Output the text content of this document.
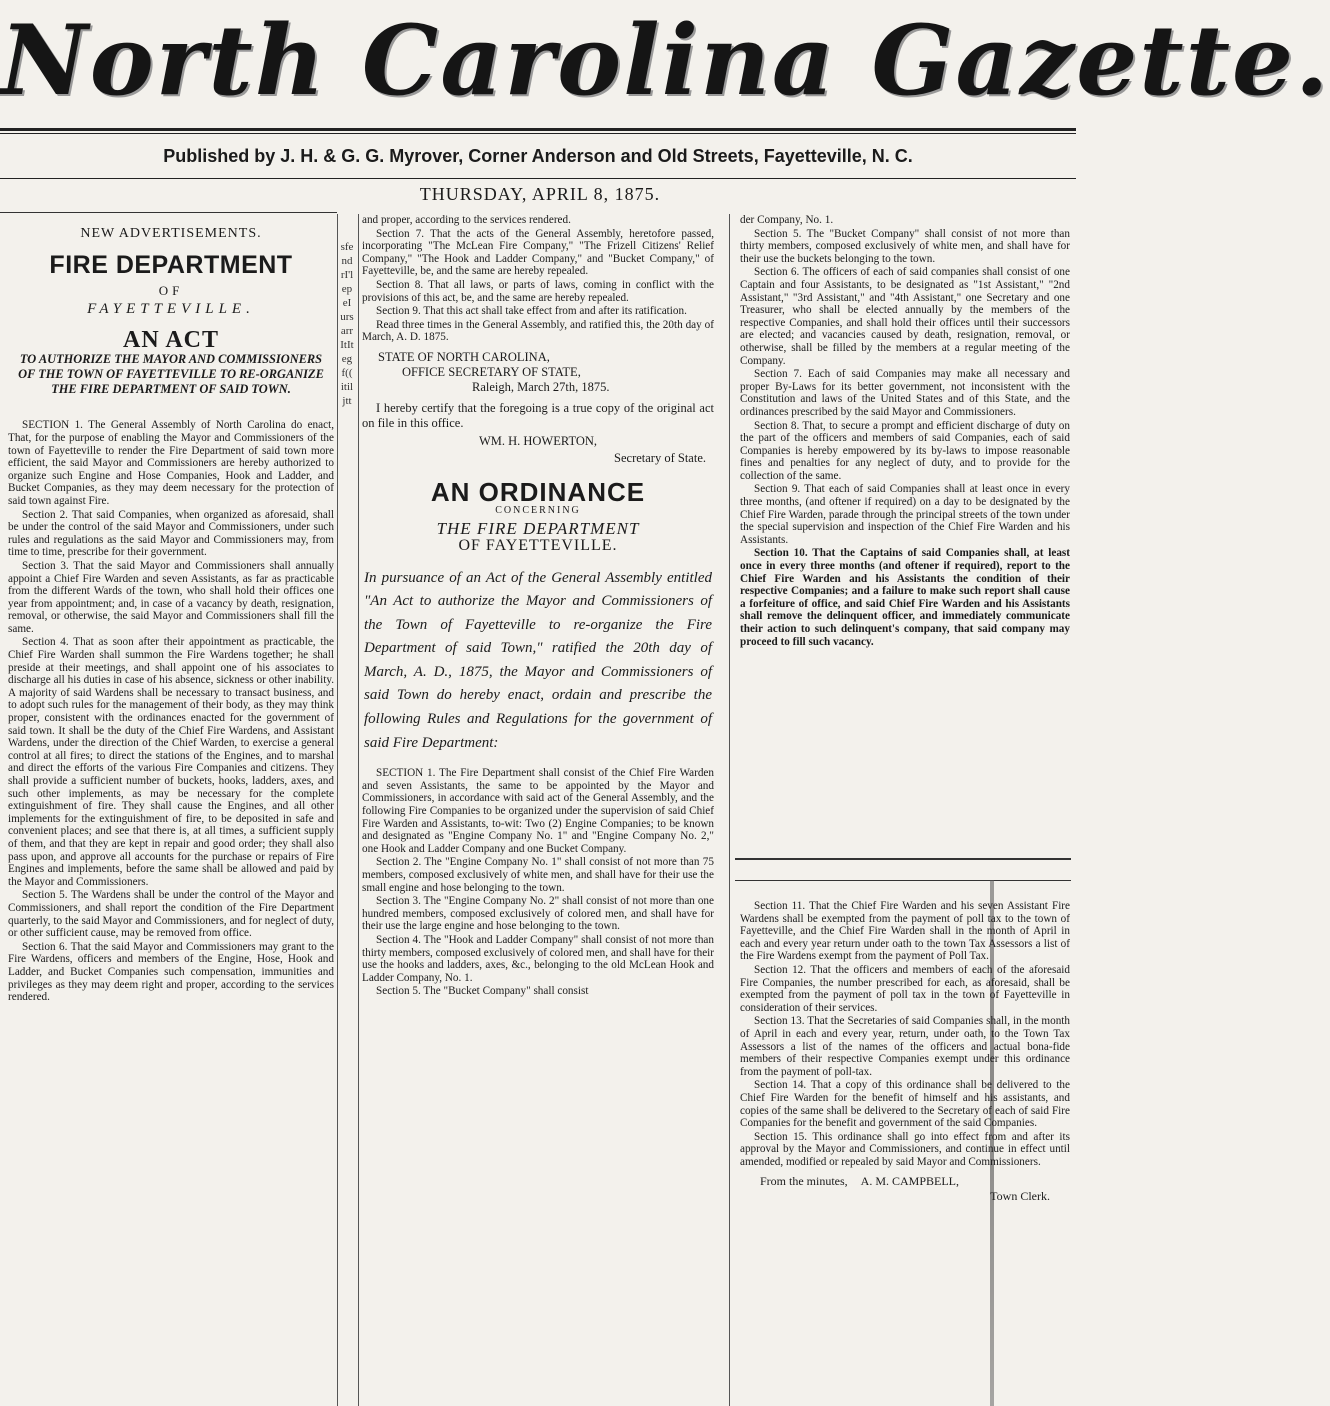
North Carolina Gazette.
Published by J. H. & G. G. Myrover, Corner Anderson and Old Streets, Fayetteville, N. C.
THURSDAY, APRIL 8, 1875.
sfendrI'l epeI ursarr ItIteg f(( itiljtt
NEW ADVERTISEMENTS.
FIRE DEPARTMENT
OF
FAYETTEVILLE.
AN ACT
TO AUTHORIZE THE MAYOR AND COMMISSIONERS OF THE TOWN OF FAYETTEVILLE TO RE-ORGANIZE THE FIRE DEPARTMENT OF SAID TOWN.

SECTION 1. The General Assembly of North Carolina do enact, That, for the purpose of enabling the Mayor and Commissioners of the town of Fayetteville to render the Fire Department of said town more efficient, the said Mayor and Commissioners are hereby authorized to organize such Engine and Hose Companies, Hook and Ladder, and Bucket Companies, as they may deem necessary for the protection of said town against Fire.

Section 2. That said Companies, when organized as aforesaid, shall be under the control of the said Mayor and Commissioners, under such rules and regulations as the said Mayor and Commissioners may, from time to time, prescribe for their government.

Section 3. That the said Mayor and Commissioners shall annually appoint a Chief Fire Warden and seven Assistants, as far as practicable from the different Wards of the town, who shall hold their offices one year from appointment; and, in case of a vacancy by death, resignation, removal, or otherwise, the said Mayor and Commissioners shall fill the same.

Section 4. That as soon after their appointment as practicable, the Chief Fire Warden shall summon the Fire Wardens together; he shall preside at their meetings, and shall appoint one of his associates to discharge all his duties in case of his absence, sickness or other inability. A majority of said Wardens shall be necessary to transact business, and to adopt such rules for the management of their body, as they may think proper, consistent with the ordinances enacted for the government of said town. It shall be the duty of the Chief Fire Wardens, and Assistant Wardens, under the direction of the Chief Warden, to exercise a general control at all fires; to direct the stations of the Engines, and to marshal and direct the efforts of the various Fire Companies and citizens. They shall provide a sufficient number of buckets, hooks, ladders, axes, and such other implements, as may be necessary for the complete extinguishment of fire. They shall cause the Engines, and all other implements for the extinguishment of fire, to be deposited in safe and convenient places; and see that there is, at all times, a sufficient supply of them, and that they are kept in repair and good order; they shall also pass upon, and approve all accounts for the purchase or repairs of Fire Engines and implements, before the same shall be allowed and paid by the Mayor and Commissioners.

Section 5. The Wardens shall be under the control of the Mayor and Commissioners, and shall report the condition of the Fire Department quarterly, to the said Mayor and Commissioners, and for neglect of duty, or other sufficient cause, may be removed from office.

Section 6. That the said Mayor and Commissioners may grant to the Fire Wardens, officers and members of the Engine, Hose, Hook and Ladder, and Bucket Companies such compensation, immunities and privileges as they may deem right and proper, according to the services rendered.

and proper, according to the services rendered.

Section 7. That the acts of the General Assembly, heretofore passed, incorporating "The McLean Fire Company," "The Frizell Citizens' Relief Company," "The Hook and Ladder Company," and "Bucket Company," of Fayetteville, be, and the same are hereby repealed.

Section 8. That all laws, or parts of laws, coming in conflict with the provisions of this act, be, and the same are hereby repealed.

Section 9. That this act shall take effect from and after its ratification.

Read three times in the General Assembly, and ratified this, the 20th day of March, A. D. 1875.

STATE OF NORTH CAROLINA,
OFFICE SECRETARY OF STATE,
Raleigh, March 27th, 1875.

I hereby certify that the foregoing is a true copy of the original act on file in this office.

WM. H. HOWERTON,
Secretary of State.
AN ORDINANCE
CONCERNING
THE FIRE DEPARTMENT
OF FAYETTEVILLE.
In pursuance of an Act of the General Assembly entitled "An Act to authorize the Mayor and Commissioners of the Town of Fayetteville to re-organize the Fire Department of said Town," ratified the 20th day of March, A. D., 1875, the Mayor and Commissioners of said Town do hereby enact, ordain and prescribe the following Rules and Regulations for the government of said Fire Department:

SECTION 1. The Fire Department shall consist of the Chief Fire Warden and seven Assistants, the same to be appointed by the Mayor and Commissioners, in accordance with said act of the General Assembly, and the following Fire Companies to be organized under the supervision of said Chief Fire Warden and Assistants, to-wit: Two (2) Engine Companies; to be known and designated as "Engine Company No. 1" and "Engine Company No. 2," one Hook and Ladder Company and one Bucket Company.

Section 2. The "Engine Company No. 1" shall consist of not more than 75 members, composed exclusively of white men, and shall have for their use the small engine and hose belonging to the town.

Section 3. The "Engine Company No. 2" shall consist of not more than one hundred members, composed exclusively of colored men, and shall have for their use the large engine and hose belonging to the town.

Section 4. The "Hook and Ladder Company" shall consist of not more than thirty members, composed exclusively of colored men, and shall have for their use the hooks and ladders, axes, &c., belonging to the old McLean Hook and Ladder Company, No. 1.

Section 5. The "Bucket Company" shall consist

der Company, No. 1.

Section 5. The "Bucket Company" shall consist of not more than thirty members, composed exclusively of white men, and shall have for their use the buckets belonging to the town.

Section 6. The officers of each of said companies shall consist of one Captain and four Assistants, to be designated as "1st Assistant," "2nd Assistant," "3rd Assistant," and "4th Assistant," one Secretary and one Treasurer, who shall be elected annually by the members of the respective Companies, and shall hold their offices until their successors are elected; and vacancies caused by death, resignation, removal, or otherwise, shall be filled by the members at a regular meeting of the Company.

Section 7. Each of said Companies may make all necessary and proper By-Laws for its better government, not inconsistent with the Constitution and laws of the United States and of this State, and the ordinances prescribed by the said Mayor and Commissioners.

Section 8. That, to secure a prompt and efficient discharge of duty on the part of the officers and members of said Companies, each of said Companies is hereby empowered by its by-laws to impose reasonable fines and penalties for any neglect of duty, and to provide for the collection of the same.

Section 9. That each of said Companies shall at least once in every three months, (and oftener if required) on a day to be designated by the Chief Fire Warden, parade through the principal streets of the town under the special supervision and inspection of the Chief Fire Warden and his Assistants.

Section 10. That the Captains of said Companies shall, at least once in every three months (and oftener if required), report to the Chief Fire Warden and his Assistants the condition of their respective Companies; and a failure to make such report shall cause a forfeiture of office, and said Chief Fire Warden and his Assistants shall remove the delinquent officer, and immediately communicate their action to such delinquent's company, that said company may proceed to fill such vacancy.

Section 11. That the Chief Fire Warden and his seven Assistant Fire Wardens shall be exempted from the payment of poll tax to the town of Fayetteville, and the Chief Fire Warden shall in the month of April in each and every year return under oath to the town Tax Assessors a list of the Fire Wardens exempt from the payment of Poll Tax.

Section 12. That the officers and members of each of the aforesaid Fire Companies, the number prescribed for each, as aforesaid, shall be exempted from the payment of poll tax in the town of Fayetteville in consideration of their services.

Section 13. That the Secretaries of said Companies shall, in the month of April in each and every year, return, under oath, to the Town Tax Assessors a list of the names of the officers and actual bona-fide members of their respective Companies exempt under this ordinance from the payment of poll-tax.

Section 14. That a copy of this ordinance shall be delivered to the Chief Fire Warden for the benefit of himself and his assistants, and copies of the same shall be delivered to the Secretary of each of said Fire Companies for the benefit and government of the said Companies.

Section 15. This ordinance shall go into effect from and after its approval by the Mayor and Commissioners, and continue in effect until amended, modified or repealed by said Mayor and Commissioners.

From the minutes, A. M. CAMPBELL,
Town Clerk.
